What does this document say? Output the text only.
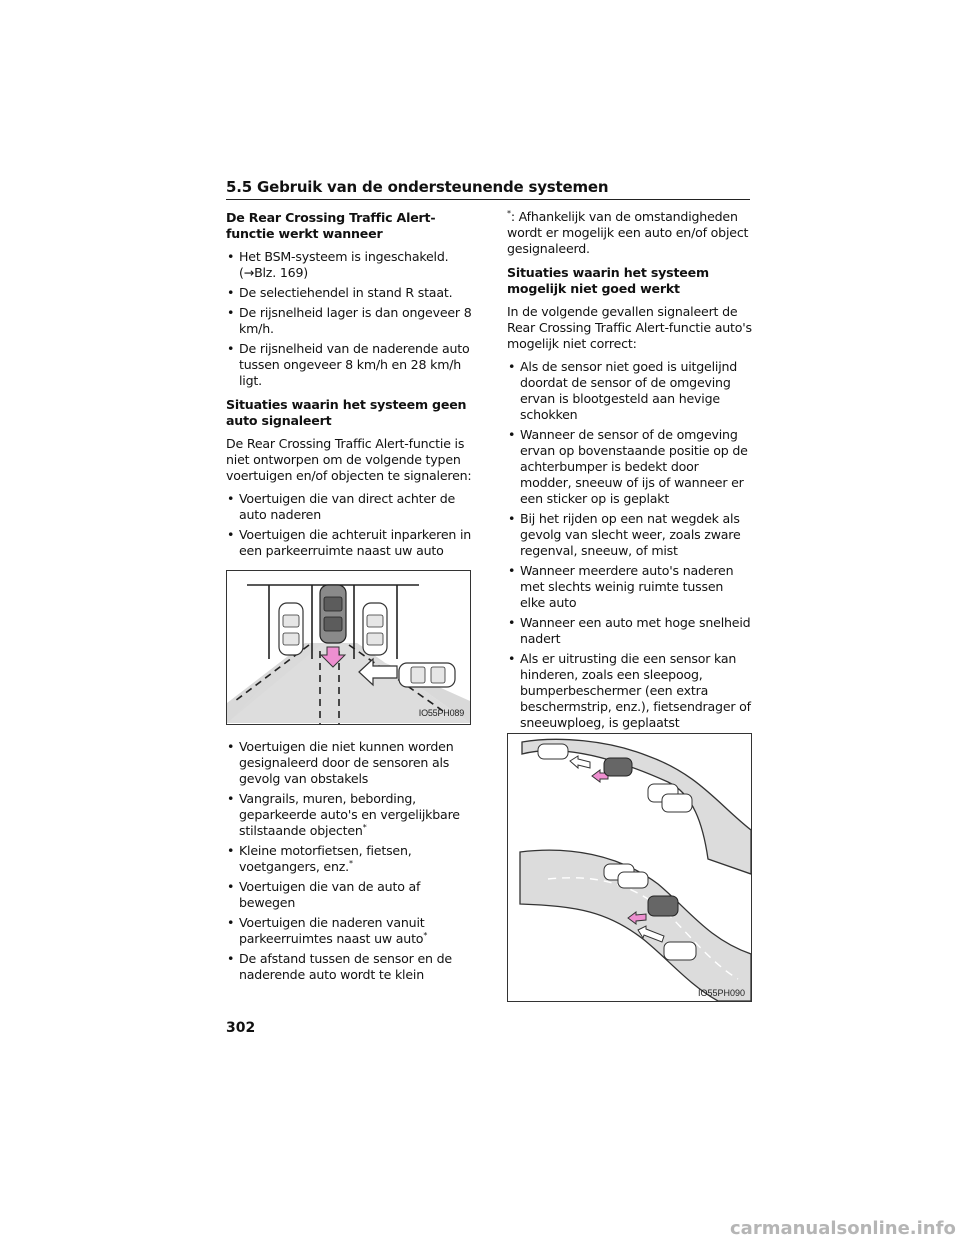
5.5 Gebruik van de ondersteunende systemen
De Rear Crossing Traffic Alert-functie werkt wanneer
• Het BSM-systeem is ingeschakeld. (→Blz. 169)
• De selectiehendel in stand R staat.
• De rijsnelheid lager is dan ongeveer 8 km/h.
• De rijsnelheid van de naderende auto tussen ongeveer 8 km/h en 28 km/h ligt.
Situaties waarin het systeem geen auto signaleert

De Rear Crossing Traffic Alert-functie is niet ontworpen om de volgende typen voertuigen en/of objecten te signaleren:

• Voertuigen die van direct achter de auto naderen
• Voertuigen die achteruit inparkeren in een parkeerruimte naast uw auto
IO55PH089
• Voertuigen die niet kunnen worden gesignaleerd door de sensoren als gevolg van obstakels
• Vangrails, muren, bebording, geparkeerde auto's en vergelijkbare stilstaande objecten*
• Kleine motorfietsen, fietsen, voetgangers, enz.*
• Voertuigen die van de auto af bewegen
• Voertuigen die naderen vanuit parkeerruimtes naast uw auto*
• De afstand tussen de sensor en de naderende auto wordt te klein

*: Afhankelijk van de omstandigheden wordt er mogelijk een auto en/of object gesignaleerd.

Situaties waarin het systeem mogelijk niet goed werkt

In de volgende gevallen signaleert de Rear Crossing Traffic Alert-functie auto's mogelijk niet correct:

• Als de sensor niet goed is uitgelijnd doordat de sensor of de omgeving ervan is blootgesteld aan hevige schokken
• Wanneer de sensor of de omgeving ervan op bovenstaande positie op de achterbumper is bedekt door modder, sneeuw of ijs of wanneer er een sticker op is geplakt
• Bij het rijden op een nat wegdek als gevolg van slecht weer, zoals zware regenval, sneeuw, of mist
• Wanneer meerdere auto's naderen met slechts weinig ruimte tussen elke auto
• Wanneer een auto met hoge snelheid nadert
• Als er uitrusting die een sensor kan hinderen, zoals een sleepoog, bumperbeschermer (een extra beschermstrip, enz.), fietsendrager of sneeuwploeg, is geplaatst
IO55PH090
302
carmanualsonline.info
